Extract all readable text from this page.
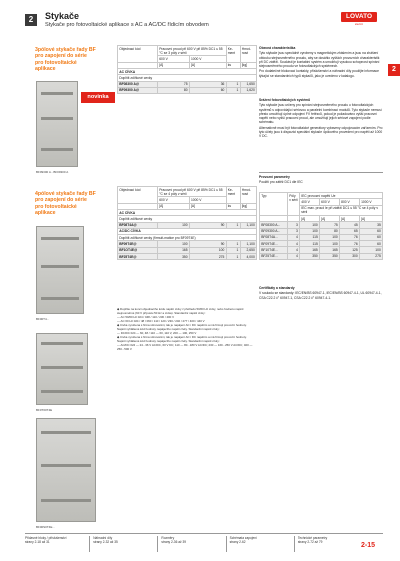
2	Stykače
Stykače pro fotovoltaické aplikace s AC a AC/DC řídicím obvodem
LOVATO
electric
2
3pólové stykače řady BF
pro zapojení do série
pro fotovoltaické
aplikace
novinka
BF09300 A - BF09300 A
4pólové stykače řady BF
pro zapojení do série
pro fotovoltaické
aplikace
BF00T4...
BF0T00T4E
BF00S0T4E...
Objednací kód	Pracovní proud při 600 V při 85% DC1 ≤ 55 °C se 3 póly v sérii		Ke-ment	Hmot-nost
	600 V	1000 V		
	[A]	[A]	ks	[kg]
AC CÍVKA				
Doplňit zdířkové cevky				
BF08300 A@	75	36	1	1,650
BF09300 A@	80	60	1	1,620
Objednací kód	Pracovní proud při 600 V při 85% DC1 ≤ 55 °C se 4 póly v sérii		Ke-ment	Hmot-nost
	600 V	1000 V		
	[A]	[A]	ks	[kg]
AC CÍVKA				
Doplňit zdířkové cevky				
BF08T4A@	100	90	1	1,100
AC/DC CÍVKA				
Doplňit zdířkové cevky (firmuit-matice pro BF09T4E)				
BF09T4E@	100	90	1	1,100
BF1OT4E@	165	100	1	2,650
BF25T4E@	350	275	1	4,000

◆ Doplňte na konci objednacího kódu napětí cívky z přehledu 50/60 Hz cívky, nebo hodnotu napětí stejnosměrné (60 V přípustu 50 Hz a cívka). Standardní napětí cívky:

— AC 50/60 Hz 024 / 048 / 110 / 230 / 400 V

— AC 60 Hz 024 / 48 / 060 / 110 / 120 / 230 / 240 / 277 / 400 / 440 V

◆ Cívka vyrobena s firma stínováním; tak je napájení AC i DC napětím a má firmují provozní hodnoty.

Napětí vyhlášené kód hodnoty napájecího napětí cívky. Standardní napětí cívky:

— DC/DC 024 — 60, 48 / 110 — 60, 110 V, 200 — 100, 250 V

◆ Cívka vyrobena s firma stínováním; tak je napájení AC i DC napětím a má firmují provozní hodnoty.

Napětí vyhlášené kód hodnoty napájecího napětí cívky. Standardní napětí cívky:

— AC/DC 024 — 24...36 V AC/DC, 60 V DC; 110 — 80...180 V AC/DC; 230 — 160...250 V AC/DC; 400 — 250...500 V

Obecná charakteristika

Tyto stykače jsou speciálně vyrobeny s magnetickým zhášením a jsou na zhášení oblouku stejnosměrného proudu, aby se dosáhlo vyšších provozních charakteristik při DC zátěži. Součástí je kontaktní systém a umožňují vysokou schopnost spínání stejnosměrného proudu ve fotovoltaických systémech.

Pro dodatečné blokovací kontakty, příslušenství a náhradní díly použijte informace týkající se standardních typů stykačů, jako je uvedeno v katalogu.

Srážení fotovoltaických systémů

Tyto stykače jsou určeny pro spínání stejnosměrného proudu u fotovoltaických systémů s odpovídající sériovou a paralelní kombinací modulů. Tyto stykače nemusí přesto umožňují úplné odpojení FV řetězců, pokud je požadováno vyšší pracovní napětí nebo vyšší pracovní proud, ale umožňují jejich sériové zapojení podle schématu.

Alternativně musí být fotovoltaické generátory vybaveny odpojovacím zařízením. Pro tyto účely jsou k dispozici speciální stykače 4pólového provedení pro napětí až 1000 V DC.

Provozní parametry

Použití pro zátěž DC1 dle IEC

Typ	Póly v sérii	IEC provozní napětí Ue			
		400 V	600 V	800 V	1000 V
		IEC max. proud Ie při zátěži DC1 ≤ 55 °C se 4 póly v sérii			
		[A]	[A]	[A]	[A]
BF08300 A...	3	100	75	45	35
BF09300 A...	3	100	80	65	60
BF08T4A...	4	115	100	76	60
BF09T4E...	4	115	100	76	60
BF10T4E...	4	165	165	125	100
BF25T4E...	4	350	350	300	275

Certifikáty a standardy

V souladu se standardy: IEC/EN/BS 60947-1, IEC/EN/BS 60947-4-1, UL 60947-4-1, CSA C22.2 č° 60947-1, CSA C22.2 č° 60947-4-1.

Přidavné bloky / příslušenství
strany 2-18 až 31
Náhradní díly
strany 2-32 až 35
Rozměry
strany 2-36 až 39
Schémata zapojení
strany 2-62
Technické parametry
strany 2-72 až 79	2-15
